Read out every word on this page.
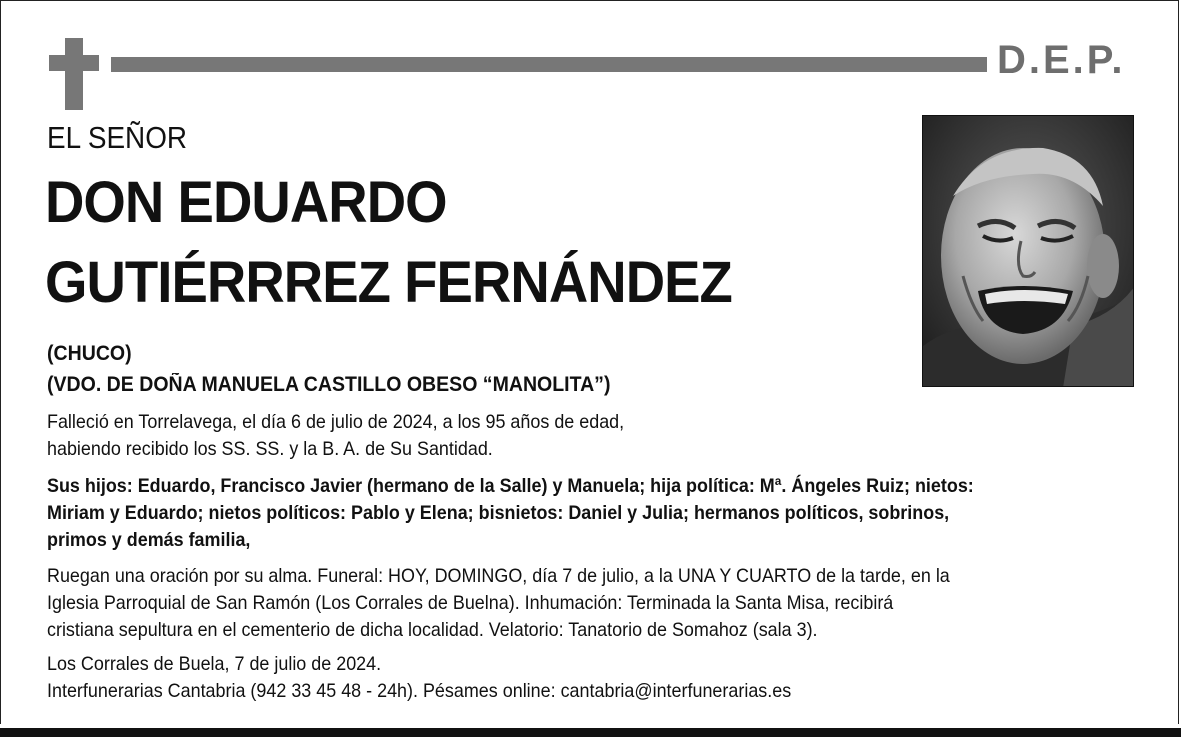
D.E.P.
EL SEÑOR
DON EDUARDO
GUTIÉRRREZ FERNÁNDEZ
(CHUCO)
(VDO. DE DOÑA MANUELA CASTILLO OBESO “MANOLITA”)
Falleció en Torrelavega, el día 6 de julio de 2024, a los 95 años de edad,
habiendo recibido los SS. SS. y la B. A. de Su Santidad.
Sus hijos: Eduardo, Francisco Javier (hermano de la Salle) y Manuela; hija política: Mª. Ángeles Ruiz; nietos:
Miriam y Eduardo; nietos políticos: Pablo y Elena; bisnietos: Daniel y Julia; hermanos políticos, sobrinos,
primos y demás familia,
Ruegan una oración por su alma. Funeral: HOY, DOMINGO, día 7 de julio, a la UNA Y CUARTO de la tarde, en la
Iglesia Parroquial de San Ramón (Los Corrales de Buelna). Inhumación: Terminada la Santa Misa, recibirá
cristiana sepultura en el cementerio de dicha localidad. Velatorio: Tanatorio de Somahoz (sala 3).
Los Corrales de Buela, 7 de julio de 2024.
Interfunerarias Cantabria (942 33 45 48 - 24h). Pésames online: cantabria@interfunerarias.es
